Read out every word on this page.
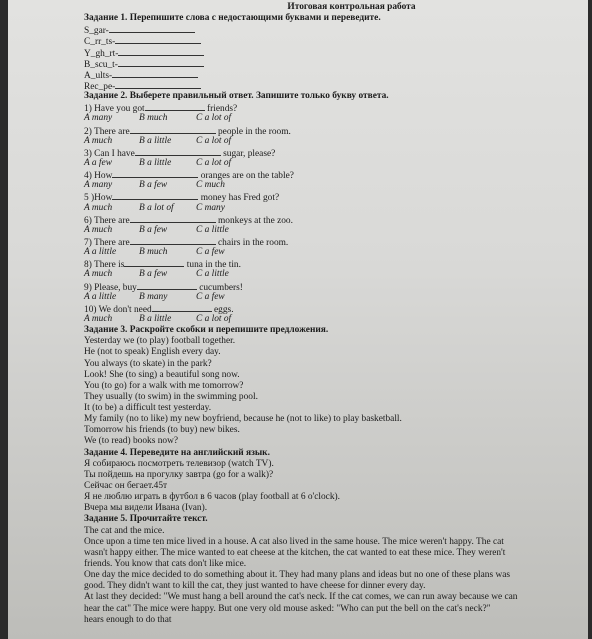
Итоговая контрольная работа
Задание 1. Перепишите слова с недостающими буквами и переведите.
S_gar-
C_rr_ts-
Y_gh_rt-
B_scu_t-
A_ults-
Rec_pe-
Задание 2. Выберете правильный ответ. Запишите только букву ответа.
1) Have you got	friends?
A many	B much	C a lot of
2) There are	people in the room.
A much	B a little	C a lot of
3) Can I have	sugar, please?
A a few	B a little	C a lot of
4) How	oranges are on the table?
A many	B a few	C much
5 )How	money has Fred got?
A much	B a lot of	C many
6) There are	monkeys at the zoo.
A much	B a few	C a little
7) There are	chairs in the room.
A a little	B much	C a few
8) There is	tuna in the tin.
A much	B a few	C a little
9) Please, buy	cucumbers!
A a little	B many	C a few
10) We don't need	eggs.
A much	B a little	C a lot of
Задание 3. Раскройте скобки и перепишите предложения.
Yesterday we (to play) football together.
He (not to speak) English every day.
You always (to skate) in the park?
Look! She (to sing) a beautiful song now.
You (to go) for a walk with me tomorrow?
They usually (to swim) in the swimming pool.
It (to be) a difficult test yesterday.
My family (no to like) my new boyfriend, because he (not to like) to play basketball.
Tomorrow his friends (to buy) new bikes.
We (to read) books now?
Задание 4. Переведите на английский язык.
Я собираюсь посмотреть телевизор (watch TV).
Ты пойдешь на прогулку завтра (go for a walk)?
Сейчас он бегает.45т
Я не люблю играть в футбол в 6 часов (play football at 6 o'clock).
Вчера мы видели Ивана (Ivan).
Задание 5. Прочитайте текст.
The cat and the mice.
Once upon a time ten mice lived in a house. A cat also lived in the same house. The mice weren't happy. The cat
wasn't happy either. The mice wanted to eat cheese at the kitchen, the cat wanted to eat these mice. They weren't
friends. You know that cats don't like mice.
One day the mice decided to do something about it. They had many plans and ideas but no one of these plans was
good. They didn't want to kill the cat, they just wanted to have cheese for dinner every day.
At last they decided: "We must hang a bell around the cat's neck. If the cat comes, we can run away because we can
hear the cat" The mice were happy. But one very old mouse asked: "Who can put the bell on the cat's neck?"
hears enough to do that
